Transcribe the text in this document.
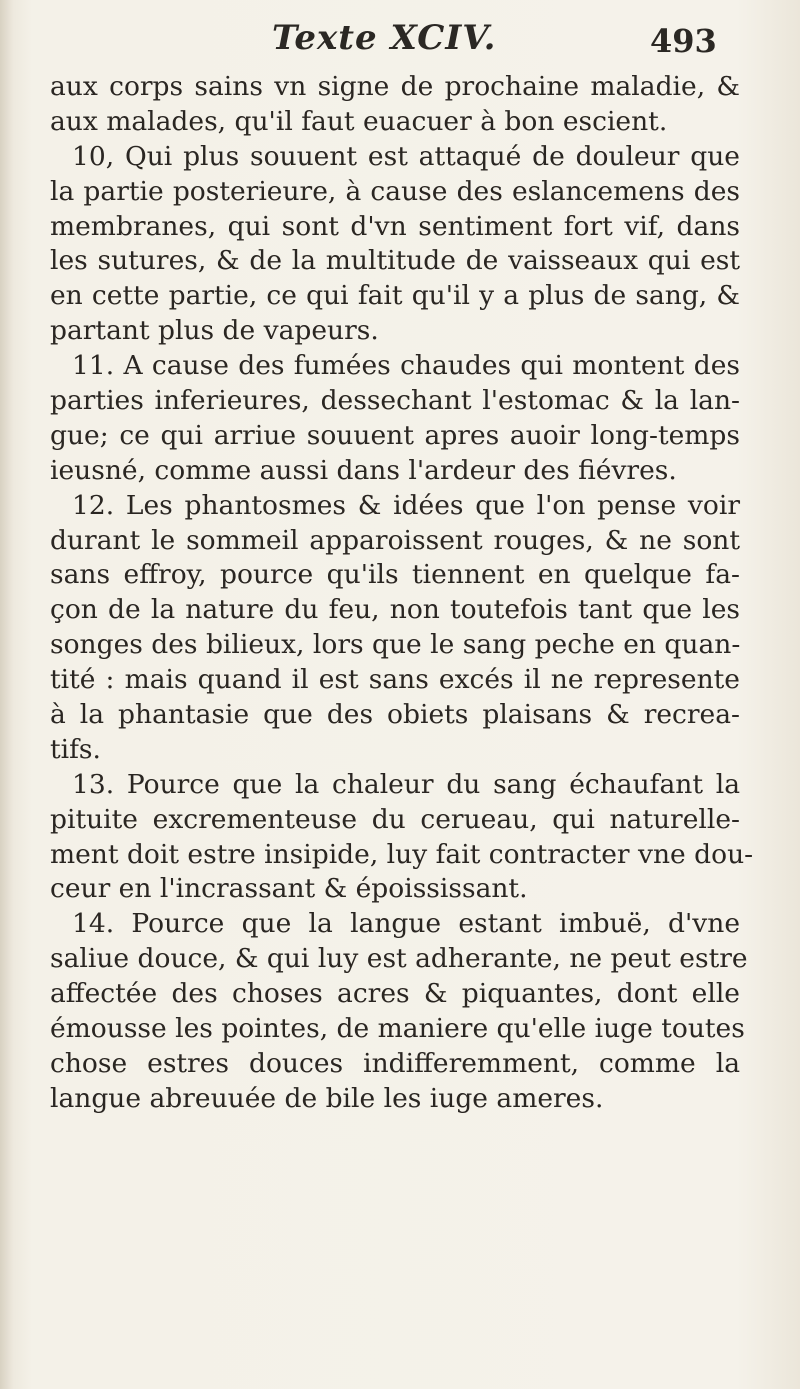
Texte XCIV.	493
aux corps sains vn signe de prochaine maladie, &
aux malades, qu'il faut euacuer à bon escient.
10, Qui plus souuent est attaqué de douleur que
la partie posterieure, à cause des eslancemens des
membranes, qui sont d'vn sentiment fort vif, dans
les sutures, & de la multitude de vaisseaux qui est
en cette partie, ce qui fait qu'il y a plus de sang, &
partant plus de vapeurs.
11. A cause des fumées chaudes qui montent des
parties inferieures, dessechant l'estomac & la lan-
gue; ce qui arriue souuent apres auoir long-temps
ieusné, comme aussi dans l'ardeur des fiévres.
12. Les phantosmes & idées que l'on pense voir
durant le sommeil apparoissent rouges, & ne sont
sans effroy, pource qu'ils tiennent en quelque fa-
çon de la nature du feu, non toutefois tant que les
songes des bilieux, lors que le sang peche en quan-
tité : mais quand il est sans excés il ne represente
à la phantasie que des obiets plaisans & recrea-
tifs.
13. Pource que la chaleur du sang échaufant la
pituite excrementeuse du cerueau, qui naturelle-
ment doit estre insipide, luy fait contracter vne dou-
ceur en l'incrassant & époississant.
14. Pource que la langue estant imbuë, d'vne
saliue douce, & qui luy est adherante, ne peut estre
affectée des choses acres & piquantes, dont elle
émousse les pointes, de maniere qu'elle iuge toutes
chose estres douces indifferemment, comme la
langue abreuuée de bile les iuge ameres.
